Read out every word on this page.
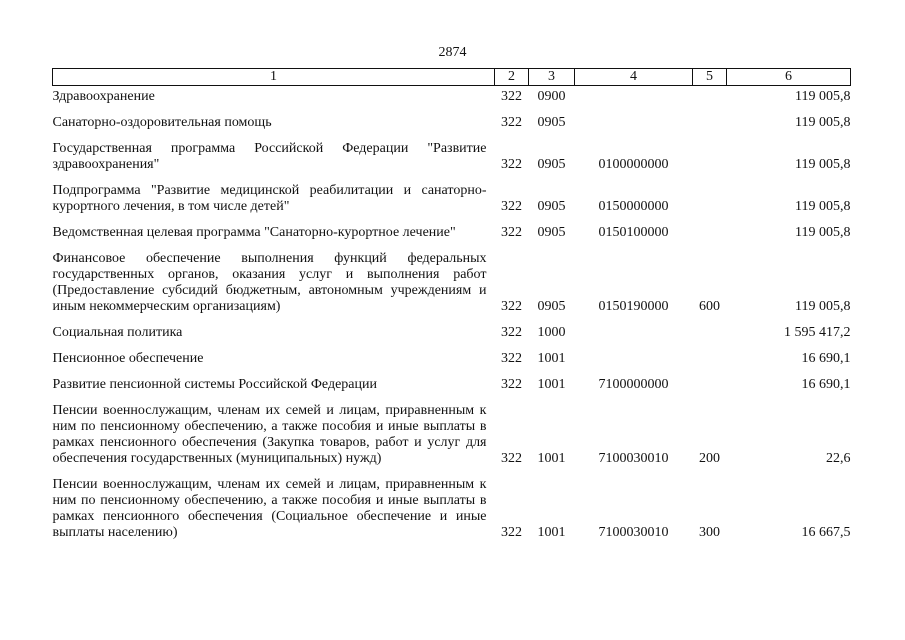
2874
1	2	3	4	5	6
Здравоохранение	322	0900			119 005,8
Санаторно-оздоровительная помощь	322	0905			119 005,8
Государственная программа Российской Федерации "Развитие здравоохранения"	322	0905	0100000000		119 005,8
Подпрограмма "Развитие медицинской реабилитации и санаторно-курортного лечения, в том числе детей"	322	0905	0150000000		119 005,8
Ведомственная целевая программа "Санаторно-курортное лечение"	322	0905	0150100000		119 005,8
Финансовое обеспечение выполнения функций федеральных государственных органов, оказания услуг и выполнения работ (Предоставление субсидий бюджетным, автономным учреждениям и иным некоммерческим организациям)	322	0905	0150190000	600	119 005,8
Социальная политика	322	1000			1 595 417,2
Пенсионное обеспечение	322	1001			16 690,1
Развитие пенсионной системы Российской Федерации	322	1001	7100000000		16 690,1
Пенсии военнослужащим, членам их семей и лицам, приравненным к ним по пенсионному обеспечению, а также пособия и иные выплаты в рамках пенсионного обеспечения (Закупка товаров, работ и услуг для обеспечения государственных (муниципальных) нужд)	322	1001	7100030010	200	22,6
Пенсии военнослужащим, членам их семей и лицам, приравненным к ним по пенсионному обеспечению, а также пособия и иные выплаты в рамках пенсионного обеспечения (Социальное обеспечение и иные выплаты населению)	322	1001	7100030010	300	16 667,5
